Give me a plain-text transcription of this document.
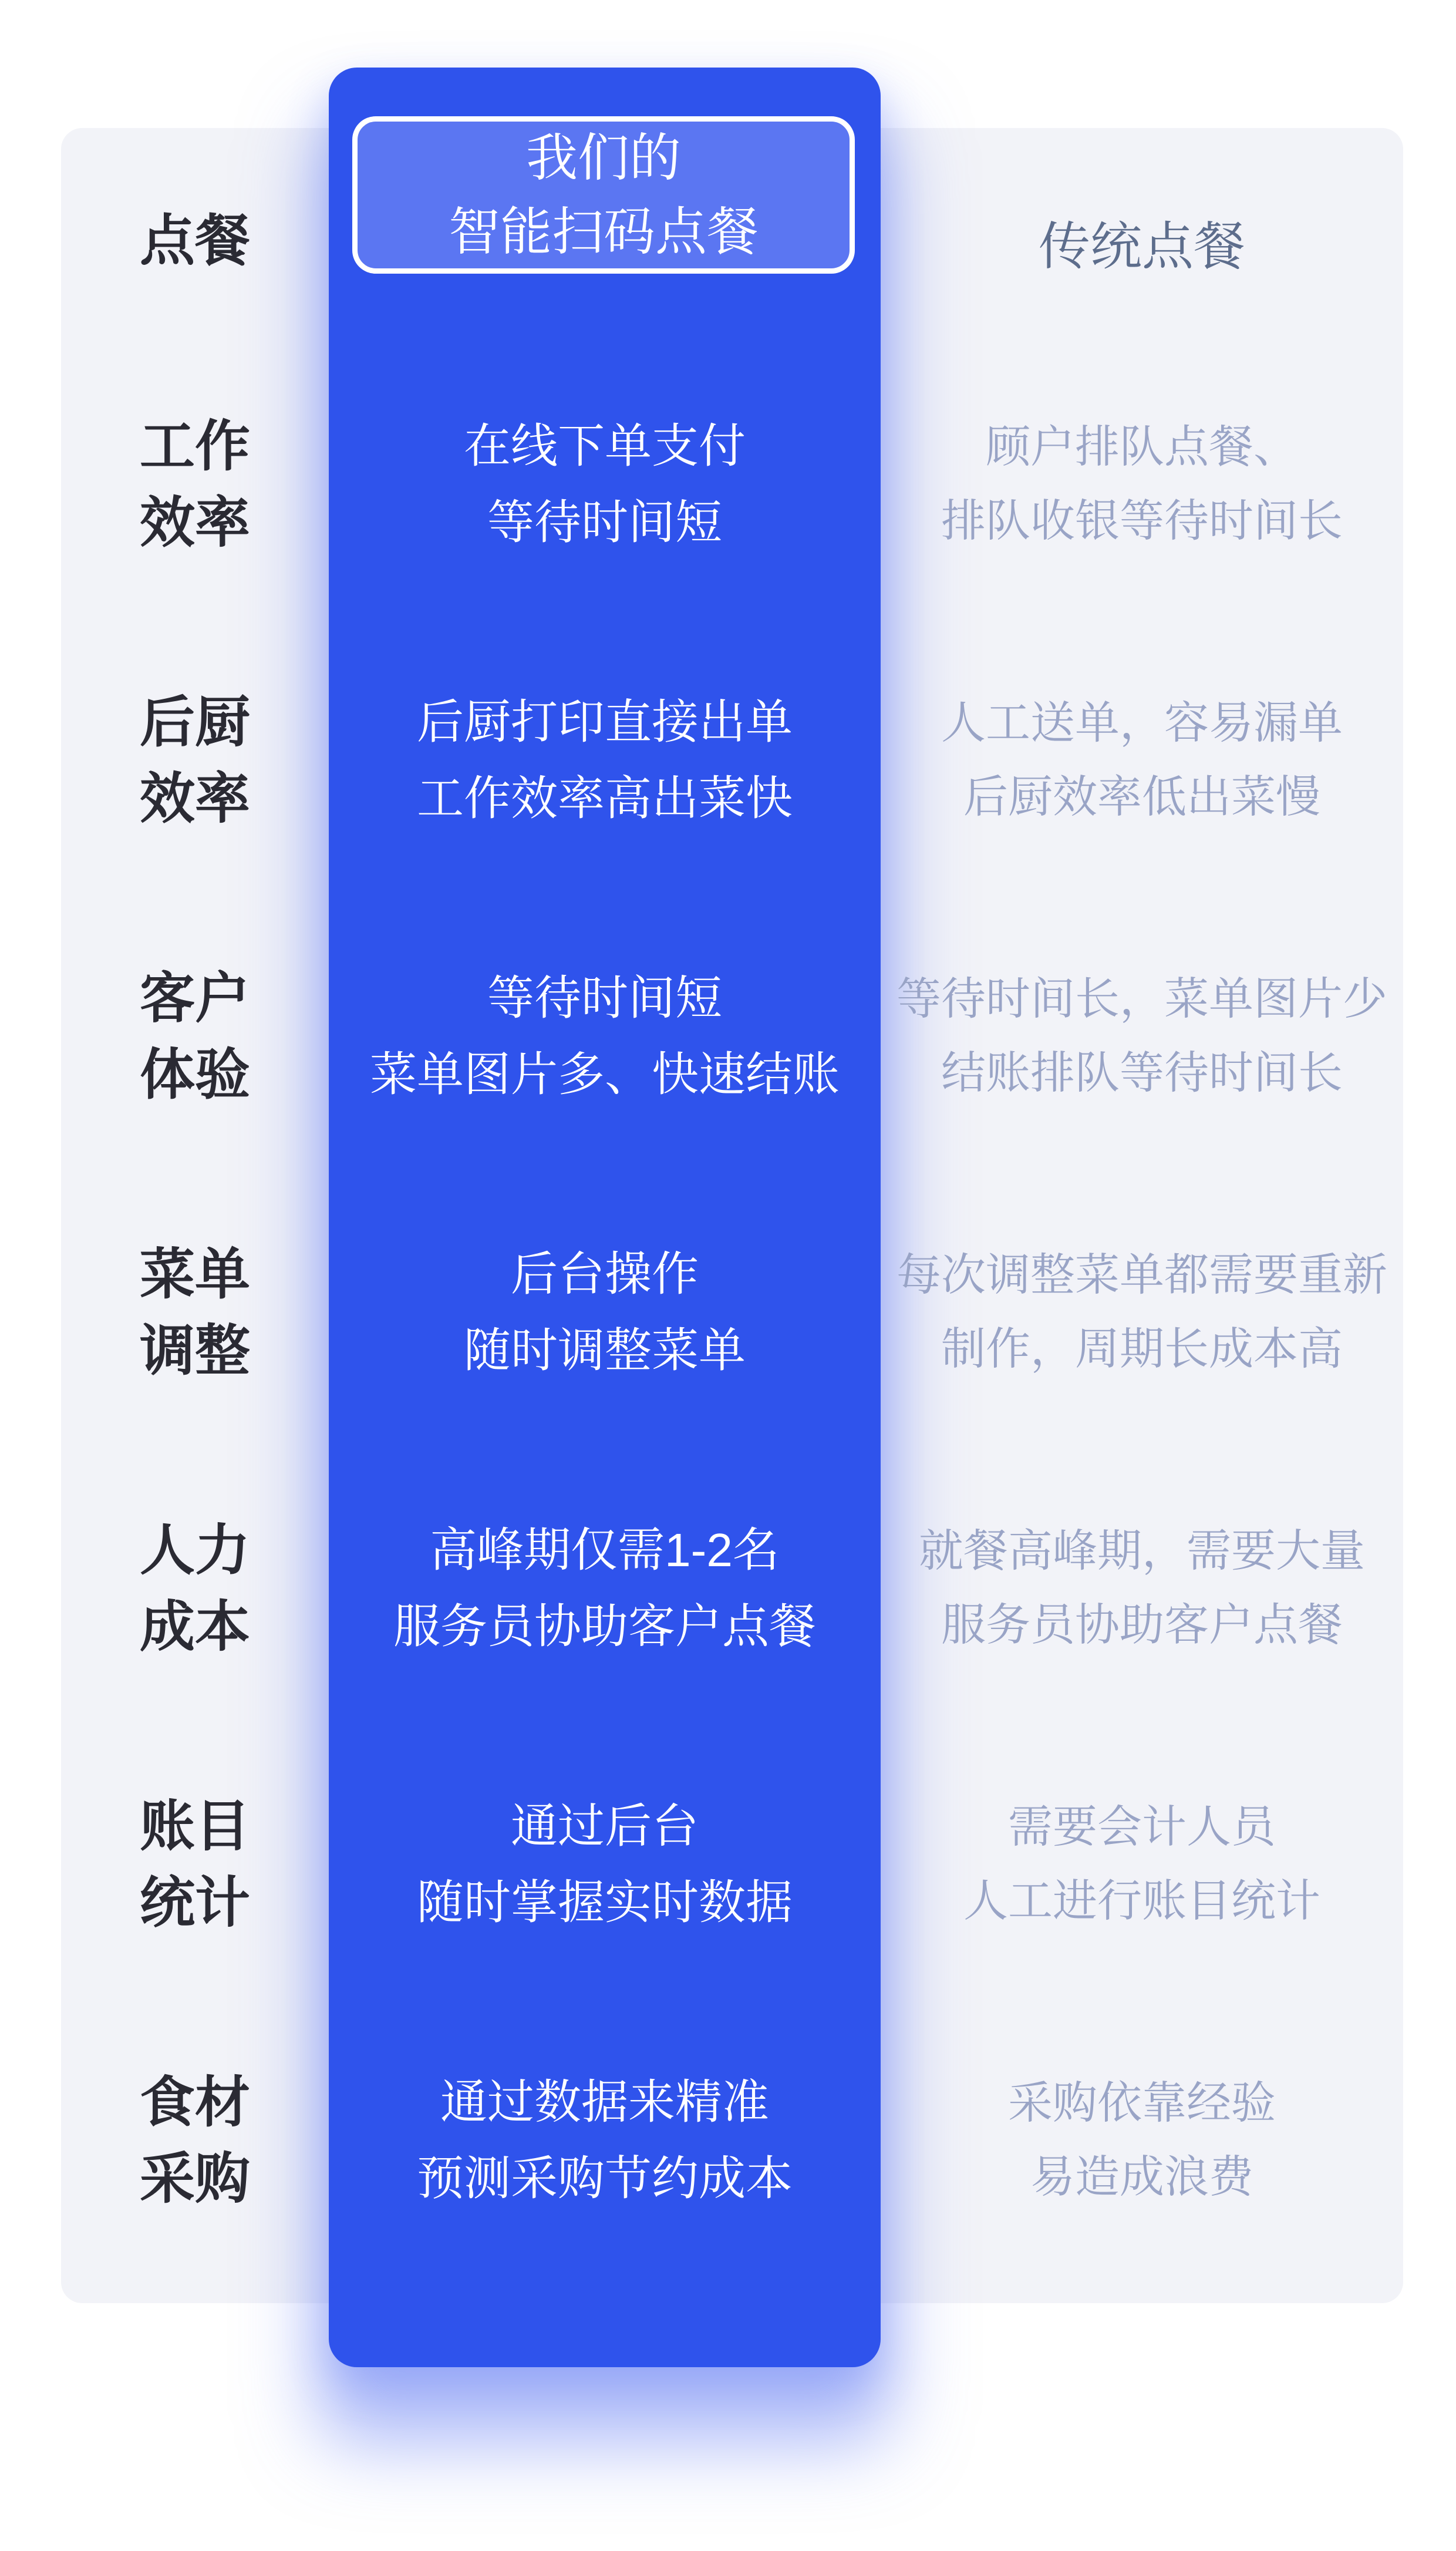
我们的
智能扫码点餐
点餐	传统点餐
工作
效率
在线下单支付
等待时间短
顾户排队点餐、
排队收银等待时间长
后厨
效率
后厨打印直接出单
工作效率高出菜快
人工送单，容易漏单
后厨效率低出菜慢
客户
体验
等待时间短
菜单图片多、快速结账
等待时间长，菜单图片少
结账排队等待时间长
菜单
调整
后台操作
随时调整菜单
每次调整菜单都需要重新
制作，周期长成本高
人力
成本
高峰期仅需1-2名
服务员协助客户点餐
就餐高峰期，需要大量
服务员协助客户点餐
账目
统计
通过后台
随时掌握实时数据
需要会计人员
人工进行账目统计
食材
采购
通过数据来精准
预测采购节约成本
采购依靠经验
易造成浪费
